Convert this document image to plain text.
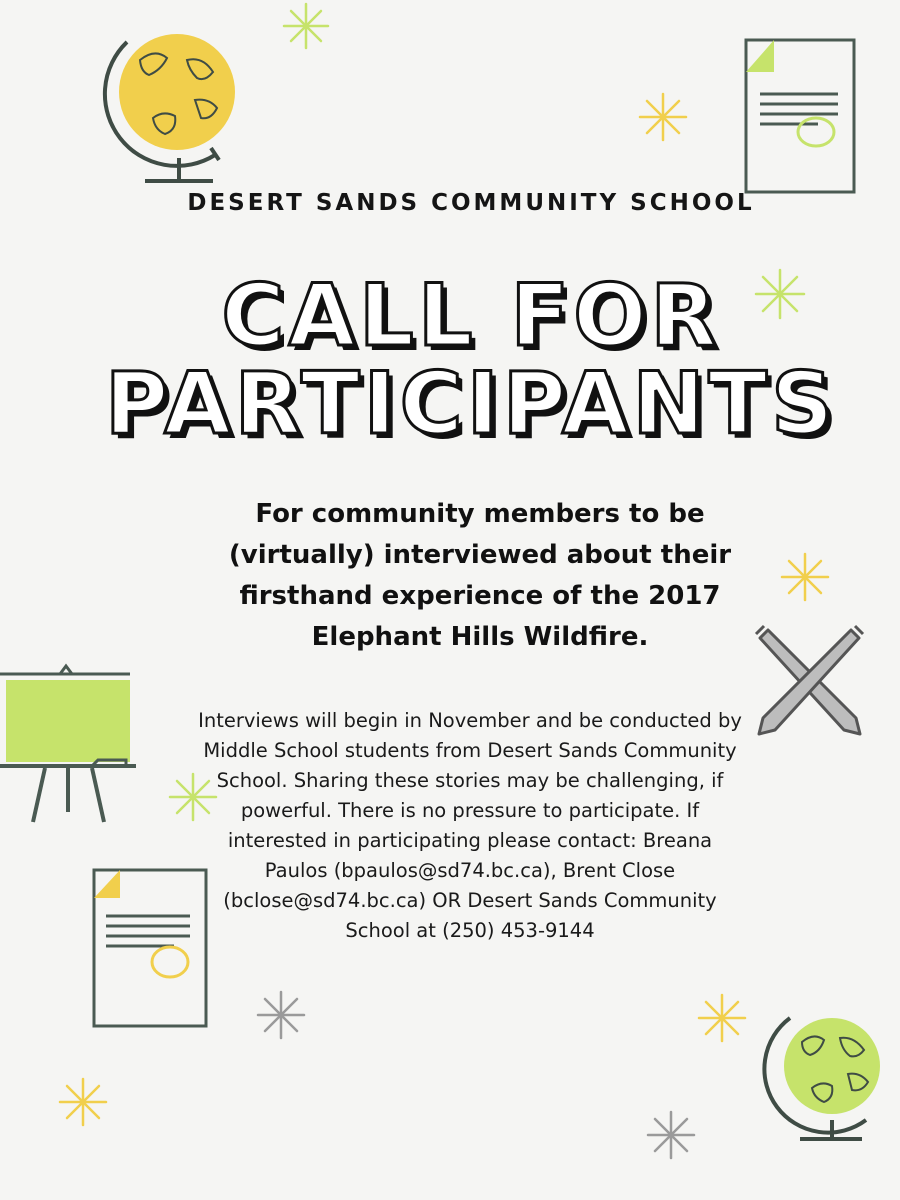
DESERT SANDS COMMUNITY SCHOOL
CALL FOR
PARTICIPANTS
For community members to be (virtually) interviewed about their firsthand experience of the 2017 Elephant Hills Wildfire.
Interviews will begin in November and be conducted by Middle School students from Desert Sands Community School. Sharing these stories may be challenging, if powerful. There is no pressure to participate. If interested in participating please contact: Breana Paulos (bpaulos@sd74.bc.ca), Brent Close (bclose@sd74.bc.ca) OR Desert Sands Community School at (250) 453-9144
